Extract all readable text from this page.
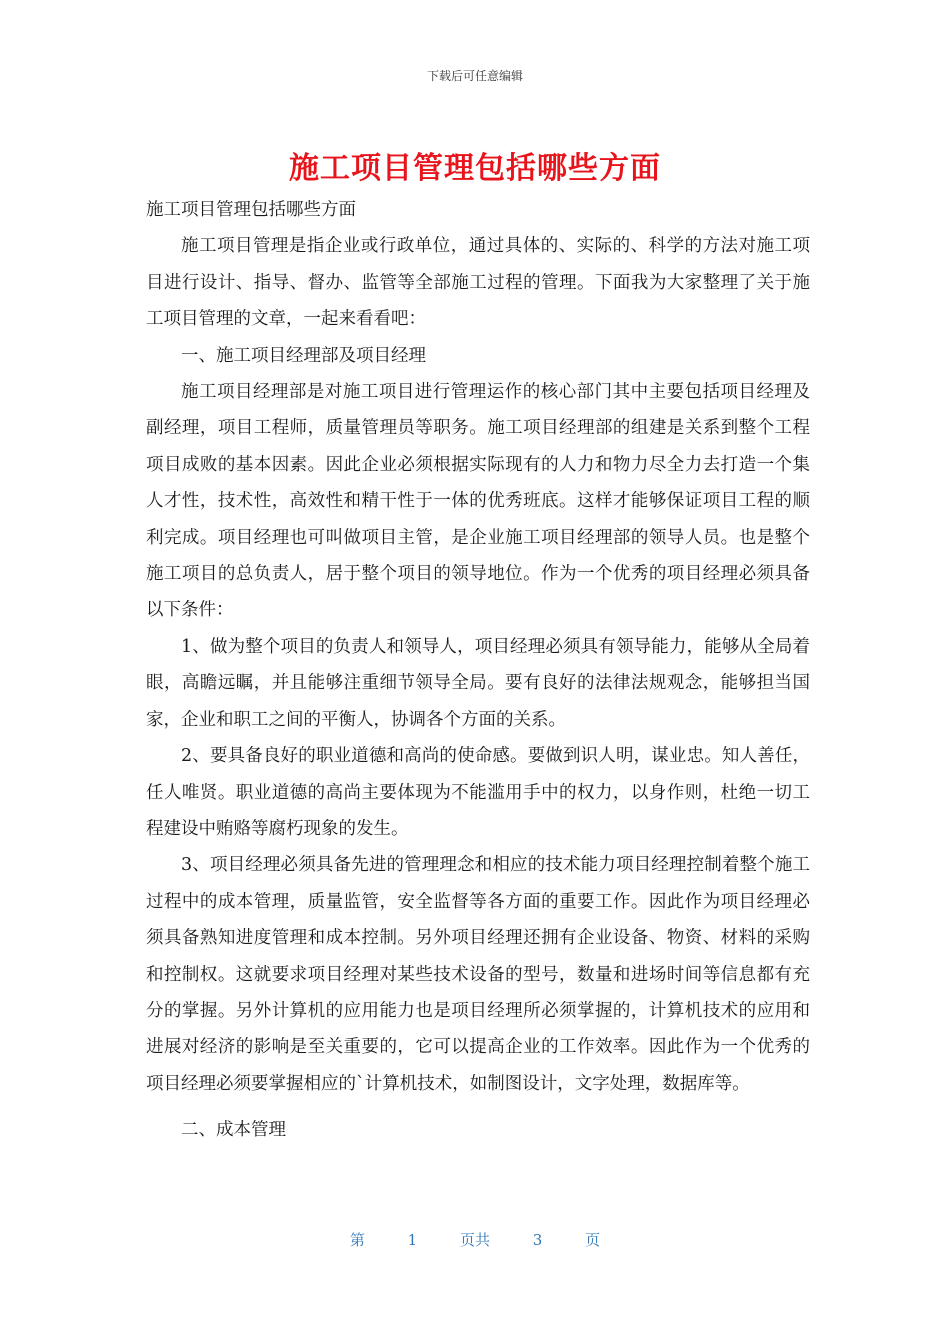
下载后可任意编辑
施工项目管理包括哪些方面

施工项目管理包括哪些方面

施工项目管理是指企业或行政单位，通过具体的、实际的、科学的方法对施工项目进行设计、指导、督办、监管等全部施工过程的管理。下面我为大家整理了关于施工项目管理的文章，一起来看看吧：

一、施工项目经理部及项目经理

施工项目经理部是对施工项目进行管理运作的核心部门其中主要包括项目经理及副经理，项目工程师，质量管理员等职务。施工项目经理部的组建是关系到整个工程项目成败的基本因素。因此企业必须根据实际现有的人力和物力尽全力去打造一个集人才性，技术性，高效性和精干性于一体的优秀班底。这样才能够保证项目工程的顺利完成。项目经理也可叫做项目主管，是企业施工项目经理部的领导人员。也是整个施工项目的总负责人，居于整个项目的领导地位。作为一个优秀的项目经理必须具备以下条件：

1、做为整个项目的负责人和领导人，项目经理必须具有领导能力，能够从全局着眼，高瞻远瞩，并且能够注重细节领导全局。要有良好的法律法规观念，能够担当国家，企业和职工之间的平衡人，协调各个方面的关系。

2、要具备良好的职业道德和高尚的使命感。要做到识人明，谋业忠。知人善任，任人唯贤。职业道德的高尚主要体现为不能滥用手中的权力，以身作则，杜绝一切工程建设中贿赂等腐朽现象的发生。

3、项目经理必须具备先进的管理理念和相应的技术能力项目经理控制着整个施工过程中的成本管理，质量监管，安全监督等各方面的重要工作。因此作为项目经理必须具备熟知进度管理和成本控制。另外项目经理还拥有企业设备、物资、材料的采购和控制权。这就要求项目经理对某些技术设备的型号，数量和进场时间等信息都有充分的掌握。另外计算机的应用能力也是项目经理所必须掌握的，计算机技术的应用和进展对经济的影响是至关重要的，它可以提高企业的工作效率。因此作为一个优秀的项目经理必须要掌握相应的`计算机技术，如制图设计，文字处理，数据库等。

二、成本管理

第	1	页共	3	页
